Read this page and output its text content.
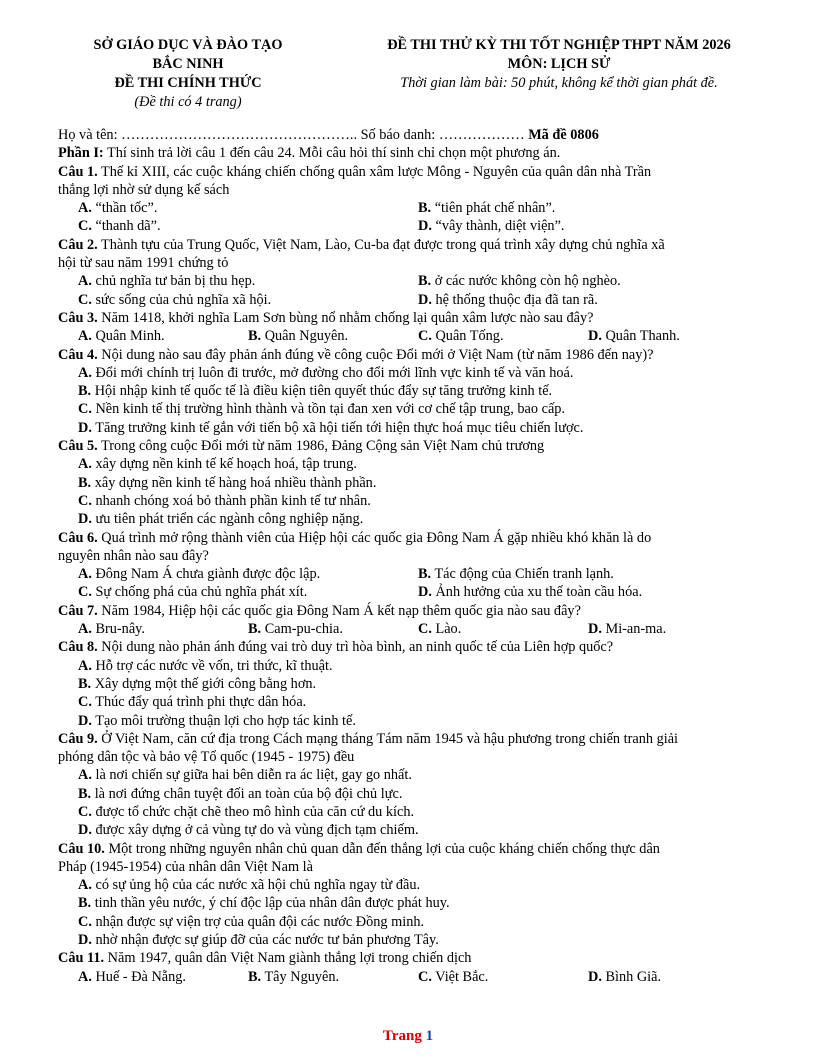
SỞ GIÁO DỤC VÀ ĐÀO TẠO
BẮC NINH
ĐỀ THI CHÍNH THỨC
(Đề thi có 4 trang)
ĐỀ THI THỬ KỲ THI TỐT NGHIỆP THPT NĂM 2026
MÔN: LỊCH SỬ
Thời gian làm bài: 50 phút, không kể thời gian phát đề.
Họ và tên: ………………………………………….. Số báo danh: ……………… Mã đề 0806
Phần I: Thí sinh trả lời câu 1 đến câu 24. Mỗi câu hỏi thí sinh chỉ chọn một phương án.
Câu 1. Thế kỉ XIII, các cuộc kháng chiến chống quân xâm lược Mông - Nguyên của quân dân nhà Trần
thắng lợi nhờ sử dụng kế sách
A. “thần tốc”.	B. “tiên phát chế nhân”.
C. “thanh dã”.	D. “vây thành, diệt viện”.
Câu 2. Thành tựu của Trung Quốc, Việt Nam, Lào, Cu-ba đạt được trong quá trình xây dựng chủ nghĩa xã
hội từ sau năm 1991 chứng tỏ
A. chủ nghĩa tư bản bị thu hẹp.	B. ở các nước không còn hộ nghèo.
C. sức sống của chủ nghĩa xã hội.	D. hệ thống thuộc địa đã tan rã.
Câu 3. Năm 1418, khởi nghĩa Lam Sơn bùng nổ nhằm chống lại quân xâm lược nào sau đây?
A. Quân Minh.	B. Quân Nguyên.	C. Quân Tống.	D. Quân Thanh.
Câu 4. Nội dung nào sau đây phản ánh đúng về công cuộc Đổi mới ở Việt Nam (từ năm 1986 đến nay)?
A. Đổi mới chính trị luôn đi trước, mở đường cho đổi mới lĩnh vực kinh tế và văn hoá.
B. Hội nhập kinh tế quốc tế là điều kiện tiên quyết thúc đẩy sự tăng trưởng kinh tế.
C. Nền kinh tế thị trường hình thành và tồn tại đan xen với cơ chế tập trung, bao cấp.
D. Tăng trưởng kinh tế gắn với tiến bộ xã hội tiến tới hiện thực hoá mục tiêu chiến lược.
Câu 5. Trong công cuộc Đổi mới từ năm 1986, Đảng Cộng sản Việt Nam chủ trương
A. xây dựng nền kinh tế kế hoạch hoá, tập trung.
B. xây dựng nền kinh tế hàng hoá nhiều thành phần.
C. nhanh chóng xoá bỏ thành phần kinh tế tư nhân.
D. ưu tiên phát triển các ngành công nghiệp nặng.
Câu 6. Quá trình mở rộng thành viên của Hiệp hội các quốc gia Đông Nam Á gặp nhiều khó khăn là do
nguyên nhân nào sau đây?
A. Đông Nam Á chưa giành được độc lập.	B. Tác động của Chiến tranh lạnh.
C. Sự chống phá của chủ nghĩa phát xít.	D. Ảnh hưởng của xu thế toàn cầu hóa.
Câu 7. Năm 1984, Hiệp hội các quốc gia Đông Nam Á kết nạp thêm quốc gia nào sau đây?
A. Bru-nây.	B. Cam-pu-chia.	C. Lào.	D. Mi-an-ma.
Câu 8. Nội dung nào phản ánh đúng vai trò duy trì hòa bình, an ninh quốc tế của Liên hợp quốc?
A. Hỗ trợ các nước về vốn, tri thức, kĩ thuật.
B. Xây dựng một thế giới công bằng hơn.
C. Thúc đẩy quá trình phi thực dân hóa.
D. Tạo môi trường thuận lợi cho hợp tác kinh tế.
Câu 9. Ở Việt Nam, căn cứ địa trong Cách mạng tháng Tám năm 1945 và hậu phương trong chiến tranh giải
phóng dân tộc và bảo vệ Tổ quốc (1945 - 1975) đều
A. là nơi chiến sự giữa hai bên diễn ra ác liệt, gay go nhất.
B. là nơi đứng chân tuyệt đối an toàn của bộ đội chủ lực.
C. được tổ chức chặt chẽ theo mô hình của căn cứ du kích.
D. được xây dựng ở cả vùng tự do và vùng địch tạm chiếm.
Câu 10. Một trong những nguyên nhân chủ quan dẫn đến thắng lợi của cuộc kháng chiến chống thực dân
Pháp (1945-1954) của nhân dân Việt Nam là
A. có sự ủng hộ của các nước xã hội chủ nghĩa ngay từ đầu.
B. tinh thần yêu nước, ý chí độc lập của nhân dân được phát huy.
C. nhận được sự viện trợ của quân đội các nước Đồng minh.
D. nhờ nhận được sự giúp đỡ của các nước tư bản phương Tây.
Câu 11. Năm 1947, quân dân Việt Nam giành thắng lợi trong chiến dịch
A. Huế - Đà Nẵng.	B. Tây Nguyên.	C. Việt Bắc.	D. Bình Giã.
Trang 1
